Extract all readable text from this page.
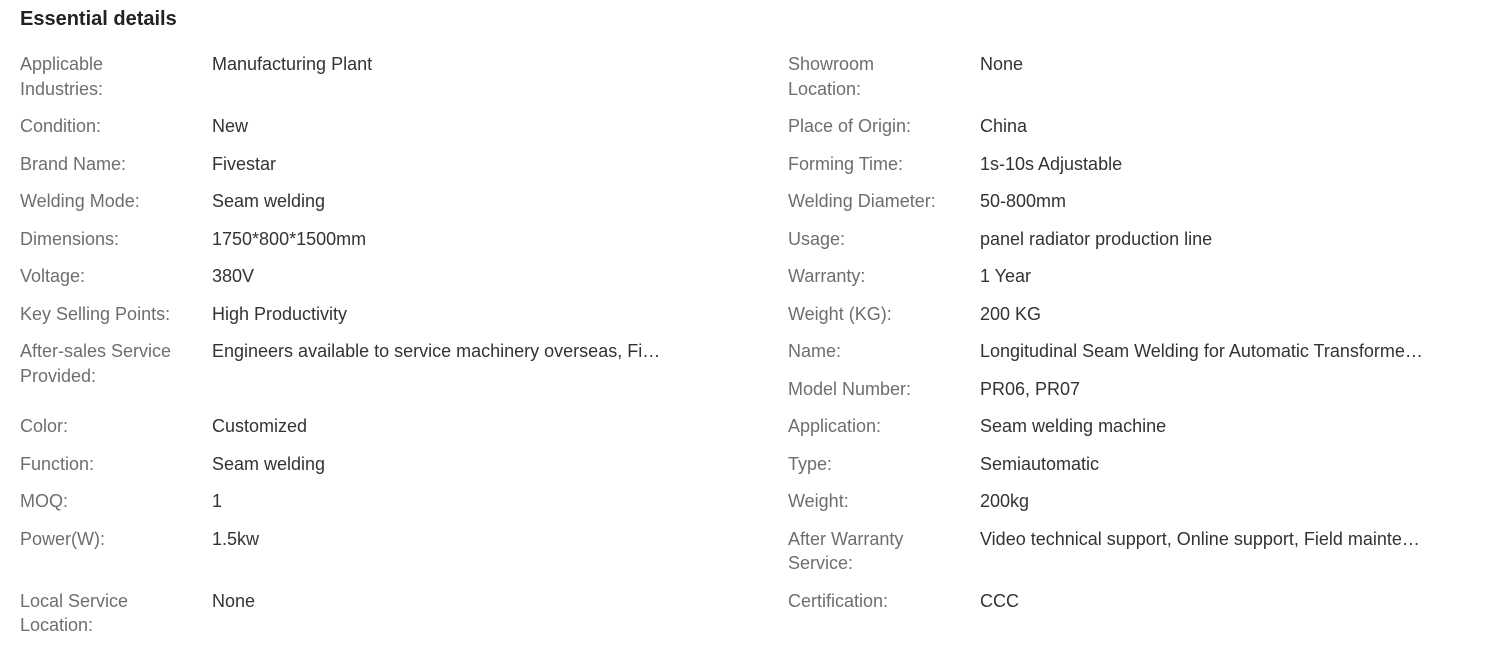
Essential details
Applicable Industries:
Manufacturing Plant
Condition:	New
Brand Name:	Fivestar
Welding Mode:	Seam welding
Dimensions:	1750*800*1500mm
Voltage:	380V
Key Selling Points:	High Productivity
After-sales Service Provided:
Engineers available to service machinery overseas, Fi…
Color:	Customized
Function:	Seam welding
MOQ:	1
Power(W):	1.5kw
Local Service Location:
None
Showroom Location:
None
Place of Origin:	China
Forming Time:	1s-10s Adjustable
Welding Diameter:	50-800mm
Usage:	panel radiator production line
Warranty:	1 Year
Weight (KG):	200 KG
Name:	Longitudinal Seam Welding for Automatic Transforme…
Model Number:	PR06, PR07
Application:	Seam welding machine
Type:	Semiautomatic
Weight:	200kg
After Warranty Service:
Video technical support, Online support, Field mainte…
Certification:	CCC
